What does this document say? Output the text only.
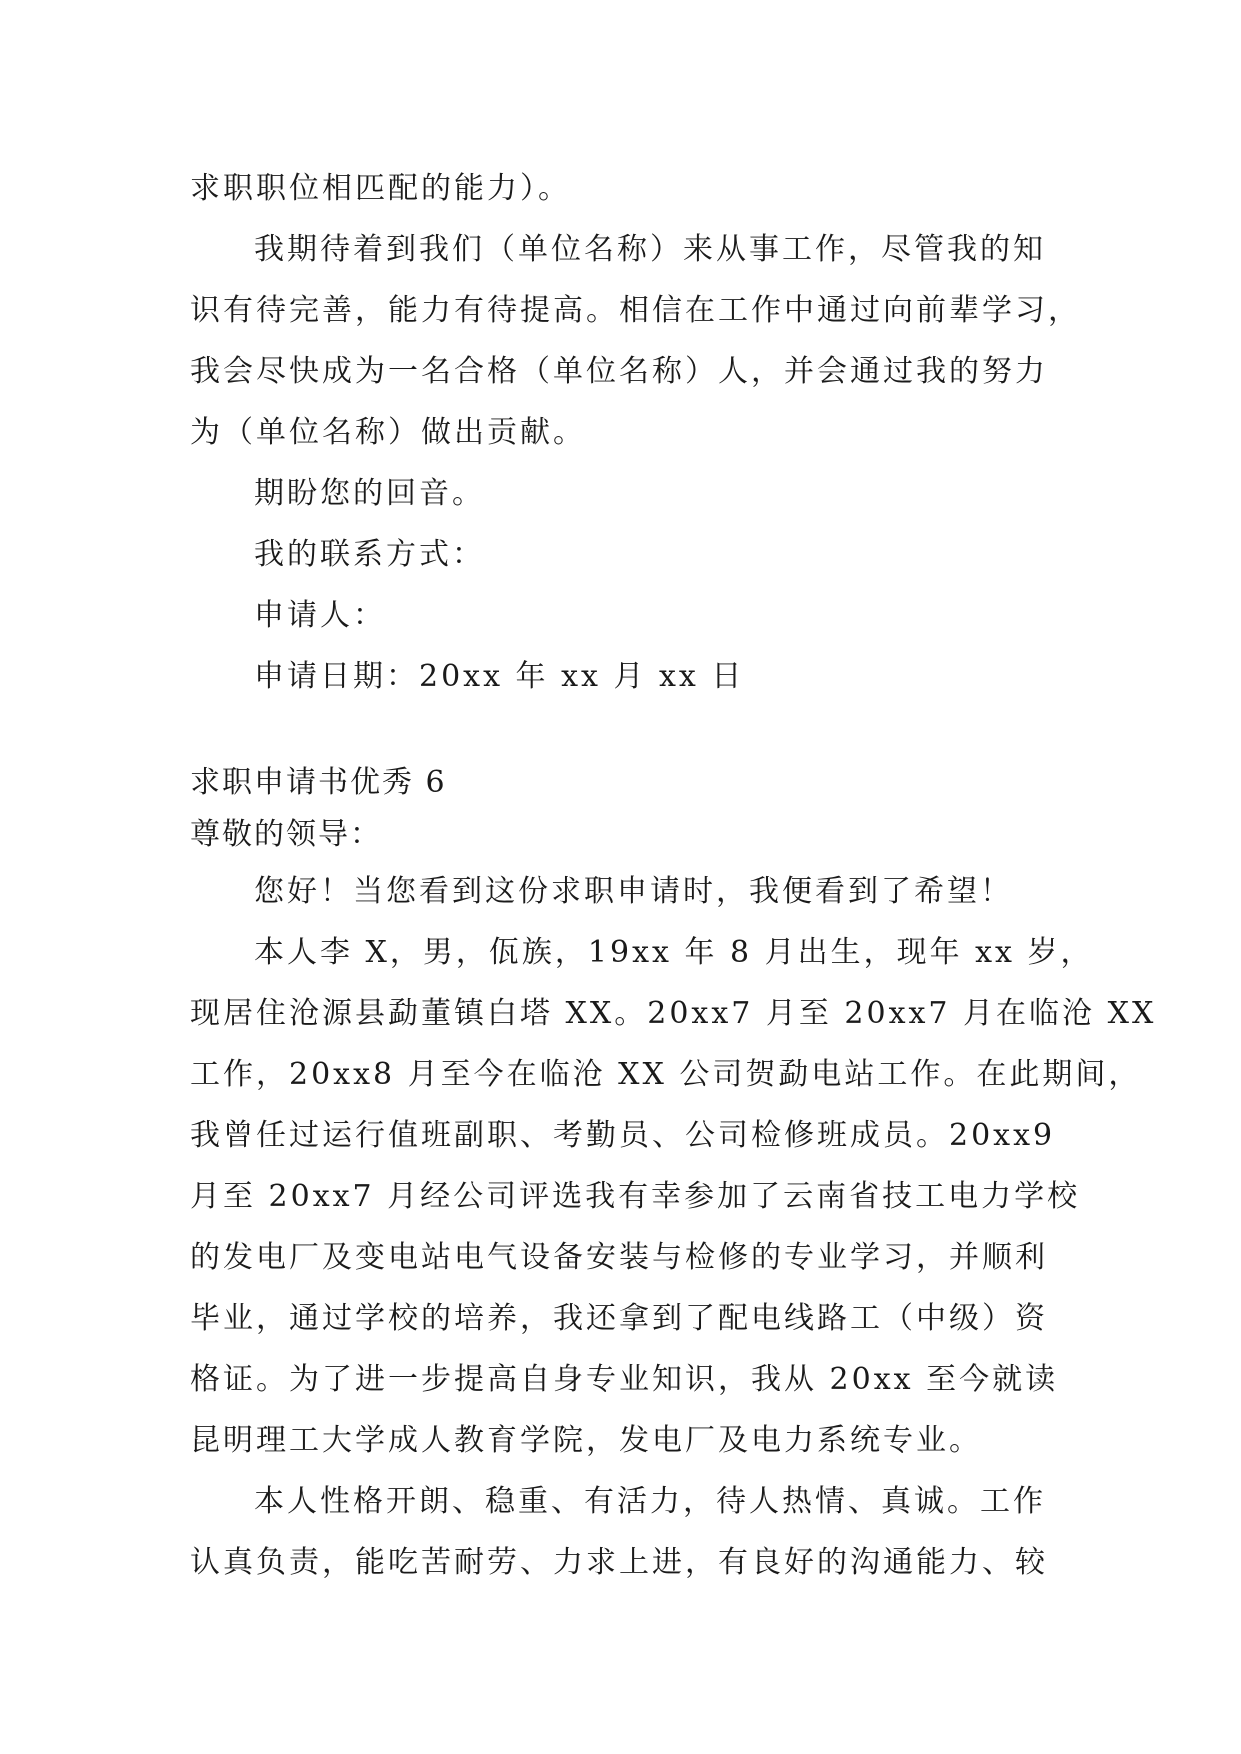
求职职位相匹配的能力）。
我期待着到我们（单位名称）来从事工作，尽管我的知
识有待完善，能力有待提高。相信在工作中通过向前辈学习，
我会尽快成为一名合格（单位名称）人，并会通过我的努力
为（单位名称）做出贡献。
期盼您的回音。
我的联系方式：
申请人：
申请日期：20xx 年 xx 月 xx 日
求职申请书优秀 6
尊敬的领导：
您好！当您看到这份求职申请时，我便看到了希望！
本人李 X，男，佤族，19xx 年 8 月出生，现年 xx 岁，
现居住沧源县勐董镇白塔 XX。20xx7 月至 20xx7 月在临沧 XX
工作，20xx8 月至今在临沧 XX 公司贺勐电站工作。在此期间，
我曾任过运行值班副职、考勤员、公司检修班成员。20xx9
月至 20xx7 月经公司评选我有幸参加了云南省技工电力学校
的发电厂及变电站电气设备安装与检修的专业学习，并顺利
毕业，通过学校的培养，我还拿到了配电线路工（中级）资
格证。为了进一步提高自身专业知识，我从 20xx 至今就读
昆明理工大学成人教育学院，发电厂及电力系统专业。
本人性格开朗、稳重、有活力，待人热情、真诚。工作
认真负责，能吃苦耐劳、力求上进，有良好的沟通能力、较
